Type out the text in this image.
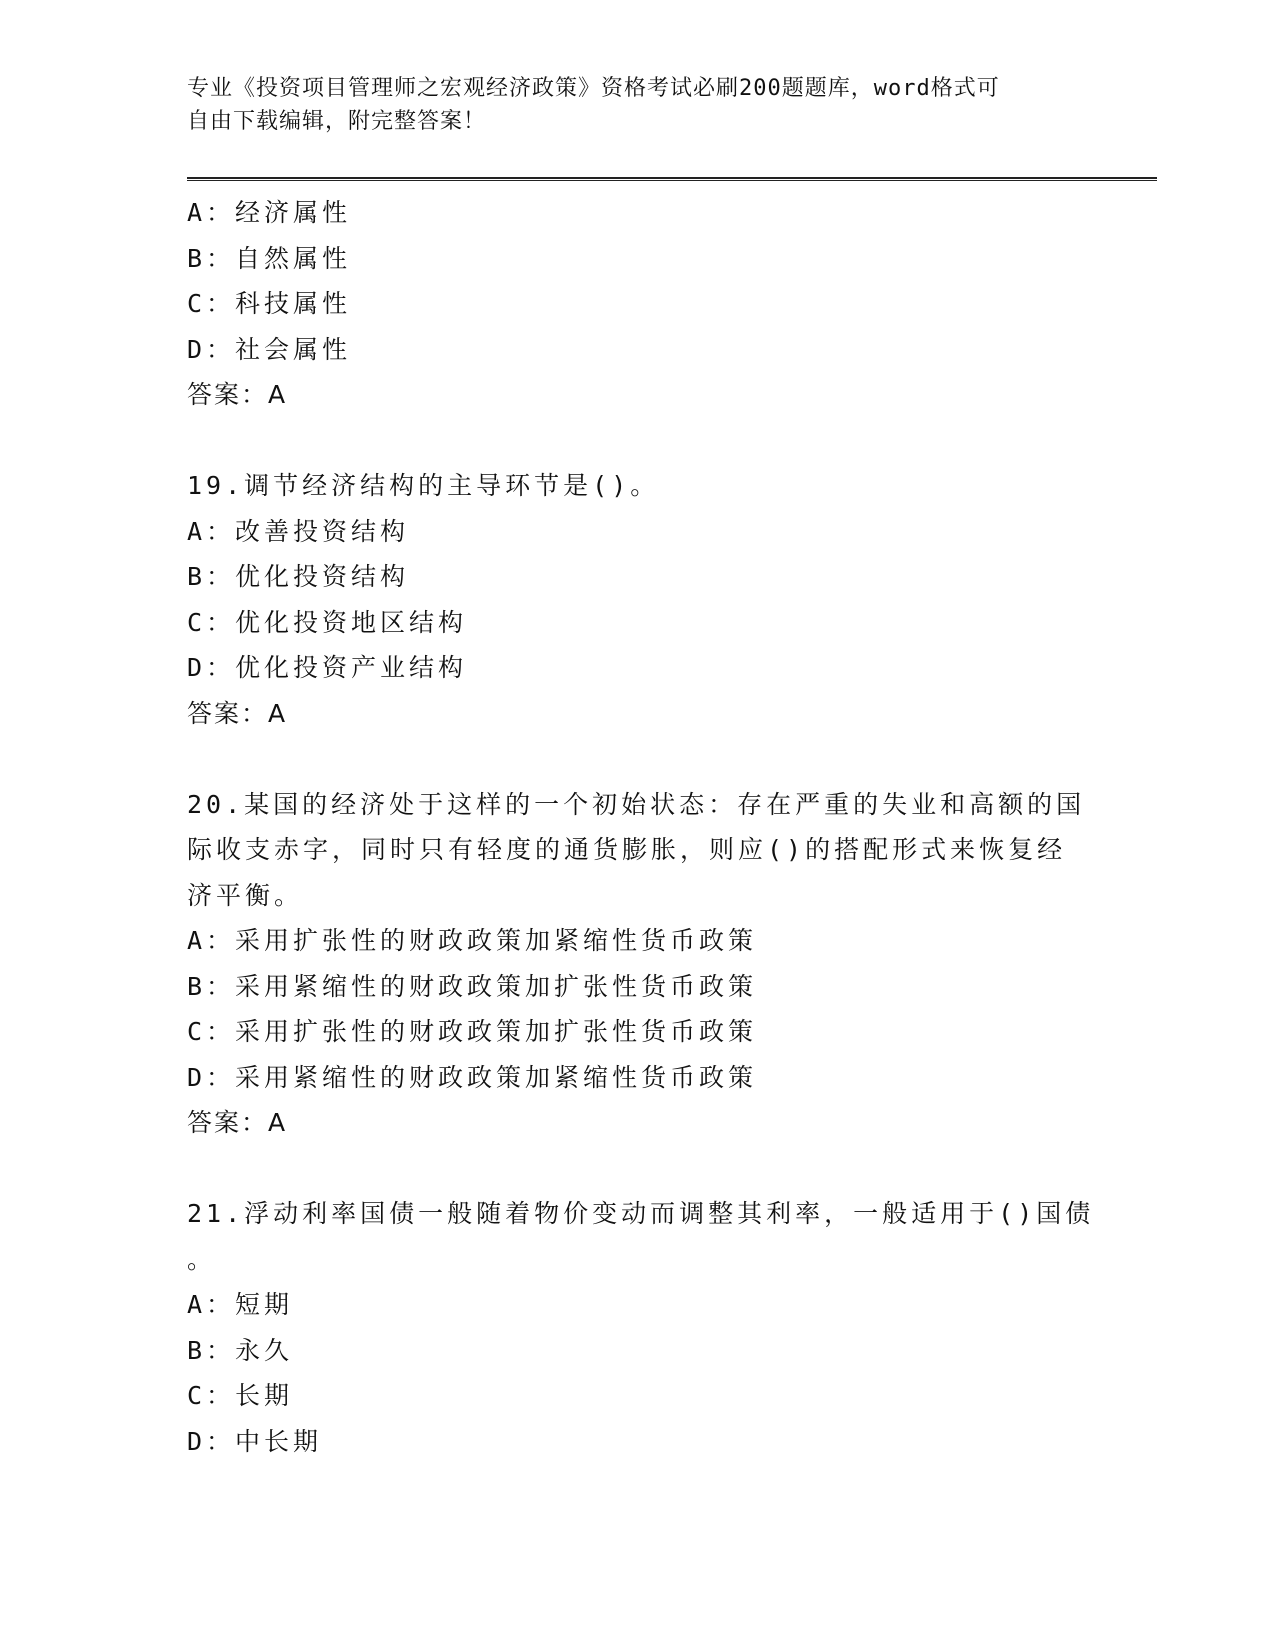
专业《投资项目管理师之宏观经济政策》资格考试必刷200题题库，word格式可
自由下载编辑，附完整答案！
A：经济属性
B：自然属性
C：科技属性
D：社会属性
答案：A
19.调节经济结构的主导环节是()。
A：改善投资结构
B：优化投资结构
C：优化投资地区结构
D：优化投资产业结构
答案：A
20.某国的经济处于这样的一个初始状态：存在严重的失业和高额的国
际收支赤字，同时只有轻度的通货膨胀，则应()的搭配形式来恢复经
济平衡。
A：采用扩张性的财政政策加紧缩性货币政策
B：采用紧缩性的财政政策加扩张性货币政策
C：采用扩张性的财政政策加扩张性货币政策
D：采用紧缩性的财政政策加紧缩性货币政策
答案：A
21.浮动利率国债一般随着物价变动而调整其利率，一般适用于()国债
。
A：短期
B：永久
C：长期
D：中长期
